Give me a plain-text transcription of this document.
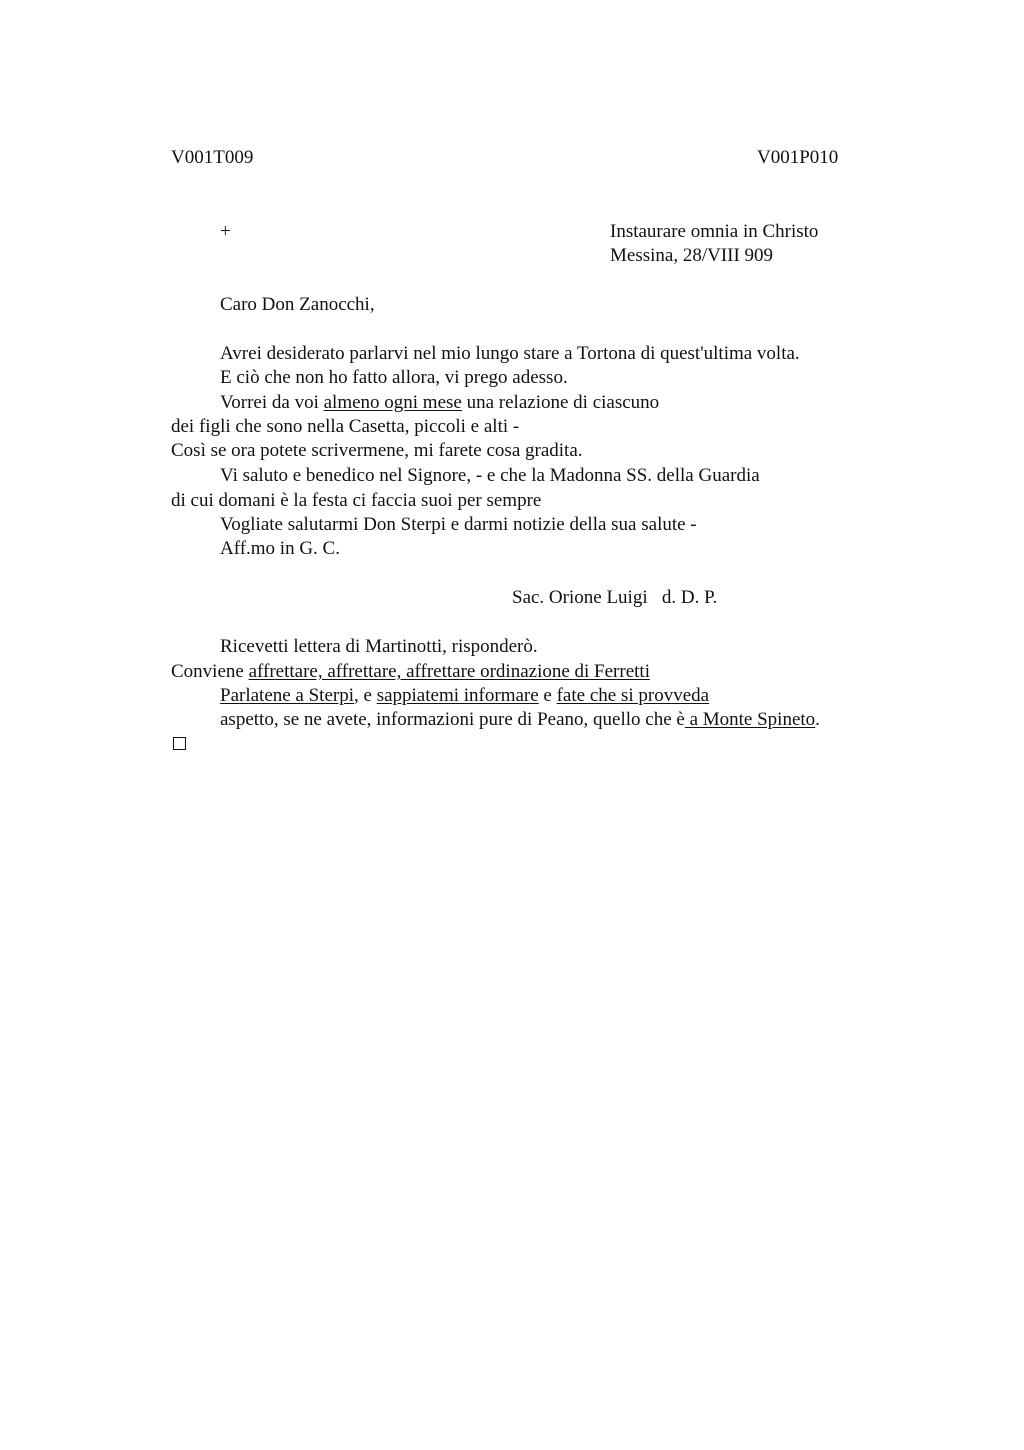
V001T009	V001P010
+	Instaurare omnia in Christo
Messina, 28/VIII 909
Caro Don Zanocchi,
Avrei desiderato parlarvi nel mio lungo stare a Tortona di quest'ultima volta.
E ciò che non ho fatto allora, vi prego adesso.
Vorrei da voi almeno ogni mese una relazione di ciascuno
dei figli che sono nella Casetta, piccoli e alti -
Così se ora potete scrivermene, mi farete cosa gradita.
Vi saluto e benedico nel Signore, - e che la Madonna SS. della Guardia
di cui domani è la festa ci faccia suoi per sempre
Vogliate salutarmi Don Sterpi e darmi notizie della sua salute -
Aff.mo in G. C.
Sac. Orione Luigi   d. D. P.
Ricevetti lettera di Martinotti, risponderò.
Conviene affrettare, affrettare, affrettare ordinazione di Ferretti
Parlatene a Sterpi, e sappiatemi informare e fate che si provveda
aspetto, se ne avete, informazioni pure di Peano, quello che è a Monte Spineto.
